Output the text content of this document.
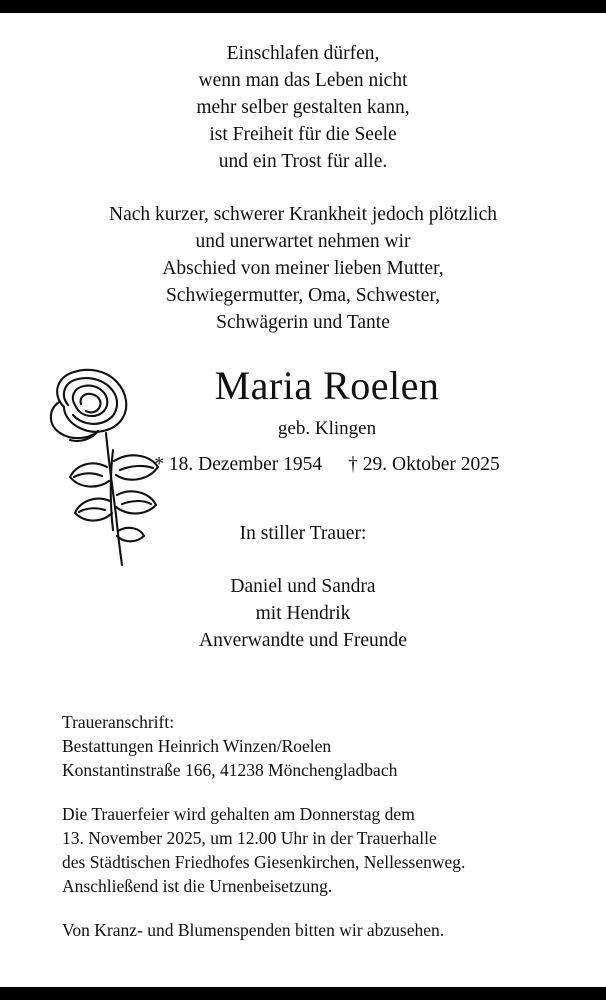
Einschlafen dürfen,
wenn man das Leben nicht
mehr selber gestalten kann,
ist Freiheit für die Seele
und ein Trost für alle.
Nach kurzer, schwerer Krankheit jedoch plötzlich
und unerwartet nehmen wir
Abschied von meiner lieben Mutter,
Schwiegermutter, Oma, Schwester,
Schwägerin und Tante
Maria Roelen
geb. Klingen
* 18. Dezember 1954 † 29. Oktober 2025
In stiller Trauer:
Daniel und Sandra
mit Hendrik
Anverwandte und Freunde

Traueranschrift:

Bestattungen Heinrich Winzen/Roelen

Konstantinstraße 166, 41238 Mönchengladbach

Die Trauerfeier wird gehalten am Donnerstag dem

13. November 2025, um 12.00 Uhr in der Trauerhalle

des Städtischen Friedhofes Giesenkirchen, Nellessenweg.

Anschließend ist die Urnenbeisetzung.

Von Kranz- und Blumenspenden bitten wir abzusehen.
